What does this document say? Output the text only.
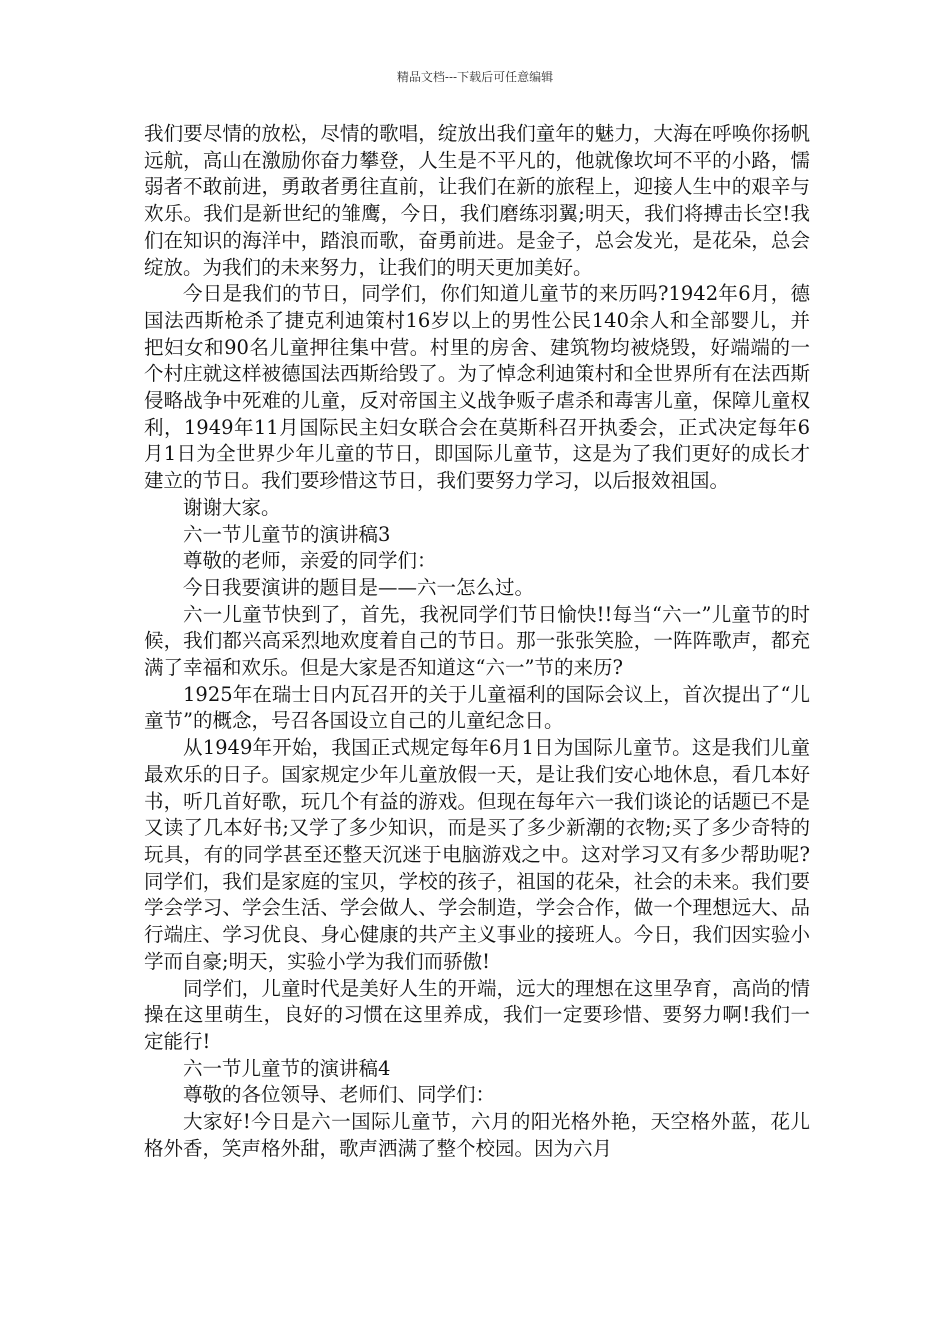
精品文档---下载后可任意编辑

我们要尽情的放松，尽情的歌唱，绽放出我们童年的魅力，大海在呼唤你扬帆远航，高山在激励你奋力攀登，人生是不平凡的，他就像坎坷不平的小路，懦弱者不敢前进，勇敢者勇往直前，让我们在新的旅程上，迎接人生中的艰辛与欢乐。我们是新世纪的雏鹰，今日，我们磨练羽翼;明天，我们将搏击长空!我们在知识的海洋中，踏浪而歌，奋勇前进。是金子，总会发光，是花朵，总会绽放。为我们的未来努力，让我们的明天更加美好。

今日是我们的节日，同学们，你们知道儿童节的来历吗?1942年6月，德国法西斯枪杀了捷克利迪策村16岁以上的男性公民140余人和全部婴儿，并把妇女和90名儿童押往集中营。村里的房舍、建筑物均被烧毁，好端端的一个村庄就这样被德国法西斯给毁了。为了悼念利迪策村和全世界所有在法西斯侵略战争中死难的儿童，反对帝国主义战争贩子虐杀和毒害儿童，保障儿童权利，1949年11月国际民主妇女联合会在莫斯科召开执委会，正式决定每年6月1日为全世界少年儿童的节日，即国际儿童节，这是为了我们更好的成长才建立的节日。我们要珍惜这节日，我们要努力学习，以后报效祖国。

谢谢大家。

六一节儿童节的演讲稿3

尊敬的老师，亲爱的同学们：

今日我要演讲的题目是——六一怎么过。

六一儿童节快到了，首先，我祝同学们节日愉快!!每当“六一”儿童节的时候，我们都兴高采烈地欢度着自己的节日。那一张张笑脸，一阵阵歌声，都充满了幸福和欢乐。但是大家是否知道这“六一”节的来历?

1925年在瑞士日内瓦召开的关于儿童福利的国际会议上，首次提出了“儿童节”的概念，号召各国设立自己的儿童纪念日。

从1949年开始，我国正式规定每年6月1日为国际儿童节。这是我们儿童最欢乐的日子。国家规定少年儿童放假一天，是让我们安心地休息，看几本好书，听几首好歌，玩几个有益的游戏。但现在每年六一我们谈论的话题已不是又读了几本好书;又学了多少知识，而是买了多少新潮的衣物;买了多少奇特的玩具，有的同学甚至还整天沉迷于电脑游戏之中。这对学习又有多少帮助呢?同学们，我们是家庭的宝贝，学校的孩子，祖国的花朵，社会的未来。我们要学会学习、学会生活、学会做人、学会制造，学会合作，做一个理想远大、品行端庄、学习优良、身心健康的共产主义事业的接班人。今日，我们因实验小学而自豪;明天，实验小学为我们而骄傲!

同学们，儿童时代是美好人生的开端，远大的理想在这里孕育，高尚的情操在这里萌生，良好的习惯在这里养成，我们一定要珍惜、要努力啊!我们一定能行!

六一节儿童节的演讲稿4

尊敬的各位领导、老师们、同学们：

大家好!今日是六一国际儿童节，六月的阳光格外艳，天空格外蓝，花儿格外香，笑声格外甜，歌声洒满了整个校园。因为六月
